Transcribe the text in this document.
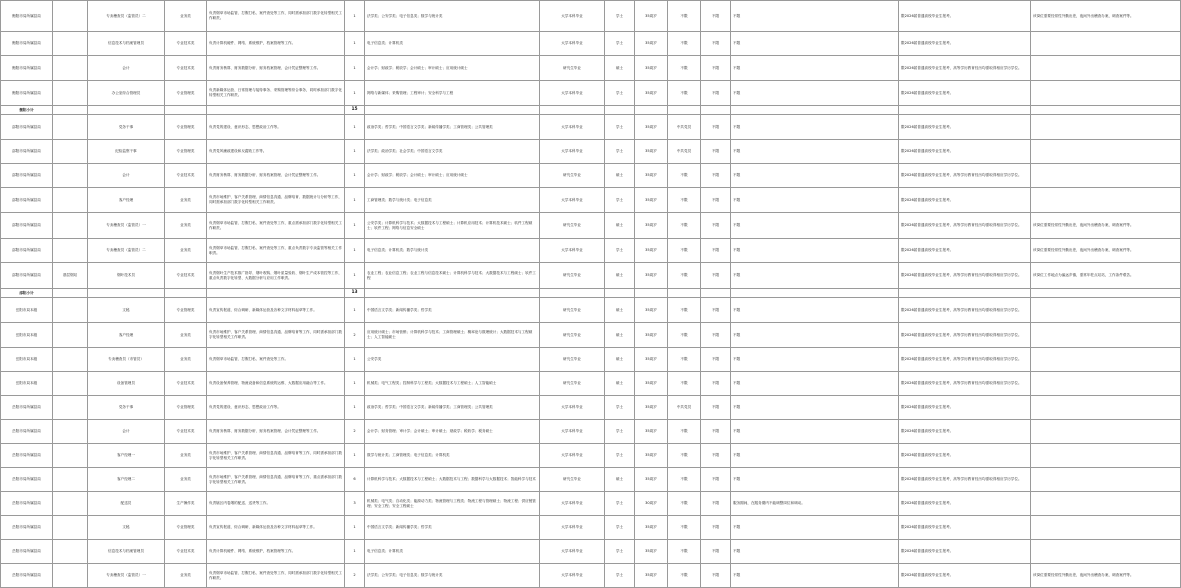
衡阳市局所属县局		专卖稽查员（监管员）二	业务类	负责烟草市场监管、打假打私、案件查处等工作，同时需承担部门数字化转型相关工作职责。	1	法学类；公安学类；电子信息类；数学与统计类	大学本科毕业	学士	35周岁	不限	不限	不限	限2026届普通高校毕业生报考。	该岗位需要经常性外勤出差，夜间外出稽查办案，调查案件等。
衡阳市局所属县局		信息技术与档案管理员	专业技术类	负责计算机硬件、网络、系统维护，档案管理等工作。	1	电子信息类；计算机类	大学本科毕业	学士	35周岁	不限	不限	不限	限2026届普通高校毕业生报考。	
衡阳市局所属县局		会计	专业技术类	负责财务核算、财务数据分析、财务档案管理、会计凭证整理等工作。	1	会计学；财政学；税收学；会计硕士；审计硕士；应用统计硕士	研究生毕业	硕士	35周岁	不限	不限	不限	限2026届普通高校毕业生报考，高等学历教育经历均需取得相应学历学位。	
衡阳市局所属县局		办公室综合管理员	专业管理类	负责新媒体运营、日常管理与接待事务、采购管理等综合事务，同时承担部门数字化转型相关工作职责。	1	网络与新媒体；采购管理；工程审计；安全科学与工程	大学本科毕业	学士	35周岁	不限	不限	不限	限2026届普通高校毕业生报考。	
衡阳小计					15									
邵阳市局所属县局		党务干事	专业管理类	负责党的建设、意识形态、思想政治工作等。	1	政治学类；哲学类；中国语言文学类；新闻传播学类；工商管理类；公共管理类	大学本科毕业	学士	35周岁	中共党员	不限	不限	限2026届普通高校毕业生报考。	
邵阳市局所属县局		纪检监察干事	专业管理类	负责党风廉政建设和反腐败工作等。	1	法学类；政治学类；社会学类；中国语言文学类	大学本科毕业	学士	35周岁	中共党员	不限	不限	限2026届普通高校毕业生报考。	
邵阳市局所属县局		会计	专业技术类	负责财务核算、财务数据分析、财务档案管理、会计凭证整理等工作。	1	会计学；财政学；税收学；会计硕士；审计硕士；应用统计硕士	研究生毕业	硕士	35周岁	不限	不限	不限	限2026届普通高校毕业生报考，高等学历教育经历均需取得相应学历学位。	
邵阳市局所属县局		客户经理	业务类	负责市场维护、客户关系管理、商情信息沟通、品牌培育、数据统计与分析等工作，同时需承担部门数字化转型相关工作职责。	1	工商管理类；数学与统计类；电子信息类	大学本科毕业	学士	35周岁	不限	不限	不限	限2026届普通高校毕业生报考。	
邵阳市局所属县局		专卖稽查员（监管员）一	业务类	负责烟草市场监管、打假打私、案件查处等工作，重点需承担部门数字化转型相关工作职责。	1	公安学类；计算机科学与技术；大数据技术与工程硕士；计算机应用技术；计算机技术硕士；软件工程硕士；软件工程；网络与信息安全硕士	研究生毕业	硕士	35周岁	不限	不限	不限	限2026届普通高校毕业生报考，高等学历教育经历均需取得相应学历学位。	该岗位需要经常性外勤出差，夜间外出稽查办案，调查案件等。
邵阳市局所属县局		专卖稽查员（监管员）二	业务类	负责烟草市场监管、打假打私、案件查处等工作，重点负责数字专卖监管等相关工作职责。	1	电子信息类；计算机类；数学与统计类	大学本科毕业	学士	35周岁	不限	不限	不限	限2026届普通高校毕业生报考。	该岗位需要经常性外勤出差，夜间外出稽查办案，调查案件等。
邵阳市局所属县局	基层烟站	烟叶技术员	专业技术类	负责烟叶生产技术推广指导、烟叶收购、烟叶质量验收、烟叶生产成本管控等工作，重点负责数字化转型、大数据分析与应用工作职责。	1	农业工程；农业信息工程；农业工程与信息技术硕士；计算机科学与技术；大数据技术与工程硕士；软件工程	研究生毕业	硕士	35周岁	不限	不限	不限	限2026届普通高校毕业生报考，高等学历教育经历均需取得相应学历学位。	该岗位工作地点为偏远乡镇，需常年驻点站站，工作条件艰苦。
邵阳小计					13									
岳阳市局本级		文秘	专业管理类	负责宣传报道、综合调研、新媒体运营及各种文字材料起草等工作。	1	中国语言文学类；新闻传播学类；哲学类	研究生毕业	硕士	35周岁	不限	不限	不限	限2026届普通高校毕业生报考，高等学历教育经历均需取得相应学历学位。	
岳阳市局本级		客户经理	业务类	负责市场维护、客户关系管理、商情信息沟通、品牌培育等工作，同时需承担部门数字化转型相关工作职责。	2	应用统计硕士；市场营销；计算机科学与技术；工商管理硕士；概率论与数理统计；大数据技术与工程硕士；人工智能硕士	研究生毕业	硕士	35周岁	不限	不限	不限	限2026届普通高校毕业生报考，高等学历教育经历均需取得相应学历学位。	
岳阳市局本级		专卖稽查员（市管员）	业务类	负责烟草市场监管、打假打私、案件查处等工作。	1	公安学类	研究生毕业	硕士	35周岁	不限	不限	不限	限2026届普通高校毕业生报考，高等学历教育经历均需取得相应学历学位。	
岳阳市局本级		设备管理员	专业技术类	负责设备保养管理、物流设备和信息系统的运维、大数据应用融合等工作。	1	机械类；电气工程类；控制科学与工程类；大数据技术与工程硕士；人工智能硕士	研究生毕业	硕士	35周岁	不限	不限	不限	限2026届普通高校毕业生报考，高等学历教育经历均需取得相应学历学位。	
岳阳市局所属县局		党务干事	专业管理类	负责党的建设、意识形态、思想政治工作等。	1	政治学类；哲学类；中国语言文学类；新闻传播学类；工商管理类；公共管理类	大学本科毕业	学士	35周岁	中共党员	不限	不限	限2026届普通高校毕业生报考。	
岳阳市局所属县局		会计	专业技术类	负责财务核算、财务数据分析、财务档案管理、会计凭证整理等工作。	2	会计学；财务管理；审计学；会计硕士；审计硕士；财政学；税收学；税务硕士	大学本科毕业	学士	35周岁	不限	不限	不限	限2026届普通高校毕业生报考。	
岳阳市局所属县局		客户经理一	业务类	负责市场维护、客户关系管理、商情信息沟通、品牌培育等工作，同时需承担部门数字化转型相关工作职责。	1	数学与统计类；工商管理类；电子信息类；计算机类	大学本科毕业	学士	35周岁	不限	不限	不限	限2026届普通高校毕业生报考。	
岳阳市局所属县局		客户经理二	业务类	负责市场维护、客户关系管理、商情信息沟通、品牌培育等工作，重点需承担部门数字化转型相关工作职责。	6	计算机科学与技术；大数据技术与工程硕士；大数据技术与工程；数据科学与大数据技术；智能科学与技术	研究生毕业	硕士	35周岁	不限	不限	不限	限2026届普通高校毕业生报考，高等学历教育经历均需取得相应学历学位。	
岳阳市局所属县局		配送员	生产操作类	负责辖区内卷烟的配送、送货等工作。	3	机械类；电气类；自动化类；能源动力类；物流管理与工程类；物流工程与管理硕士；物流工程；供应链管理；安全工程；安全工程硕士	大学本科毕业	学士	30周岁	不限	不限	服务期间，在服务期内不能调整岗位和调动。	限2026届普通高校毕业生报考。	
岳阳市局所属县局		文秘	专业管理类	负责宣传报道、综合调研、新媒体运营及各种文字材料起草等工作。	1	中国语言文学类；新闻传播学类；哲学类	大学本科毕业	学士	35周岁	不限	不限	不限	限2026届普通高校毕业生报考。	
岳阳市局所属县局		信息技术与档案管理员	专业技术类	负责计算机硬件、网络、系统维护，档案管理等工作。	1	电子信息类；计算机类	大学本科毕业	学士	35周岁	不限	不限	不限	限2026届普通高校毕业生报考。	
岳阳市局所属县局		专卖稽查员（监管员）一	业务类	负责烟草市场监管、打假打私、案件查处等工作，同时需承担部门数字化转型相关工作职责。	2	法学类；公安学类；电子信息类；数学与统计类	大学本科毕业	学士	35周岁	不限	不限	不限	限2026届普通高校毕业生报考。	该岗位需要经常性外勤出差，夜间外出稽查办案，调查案件等。
